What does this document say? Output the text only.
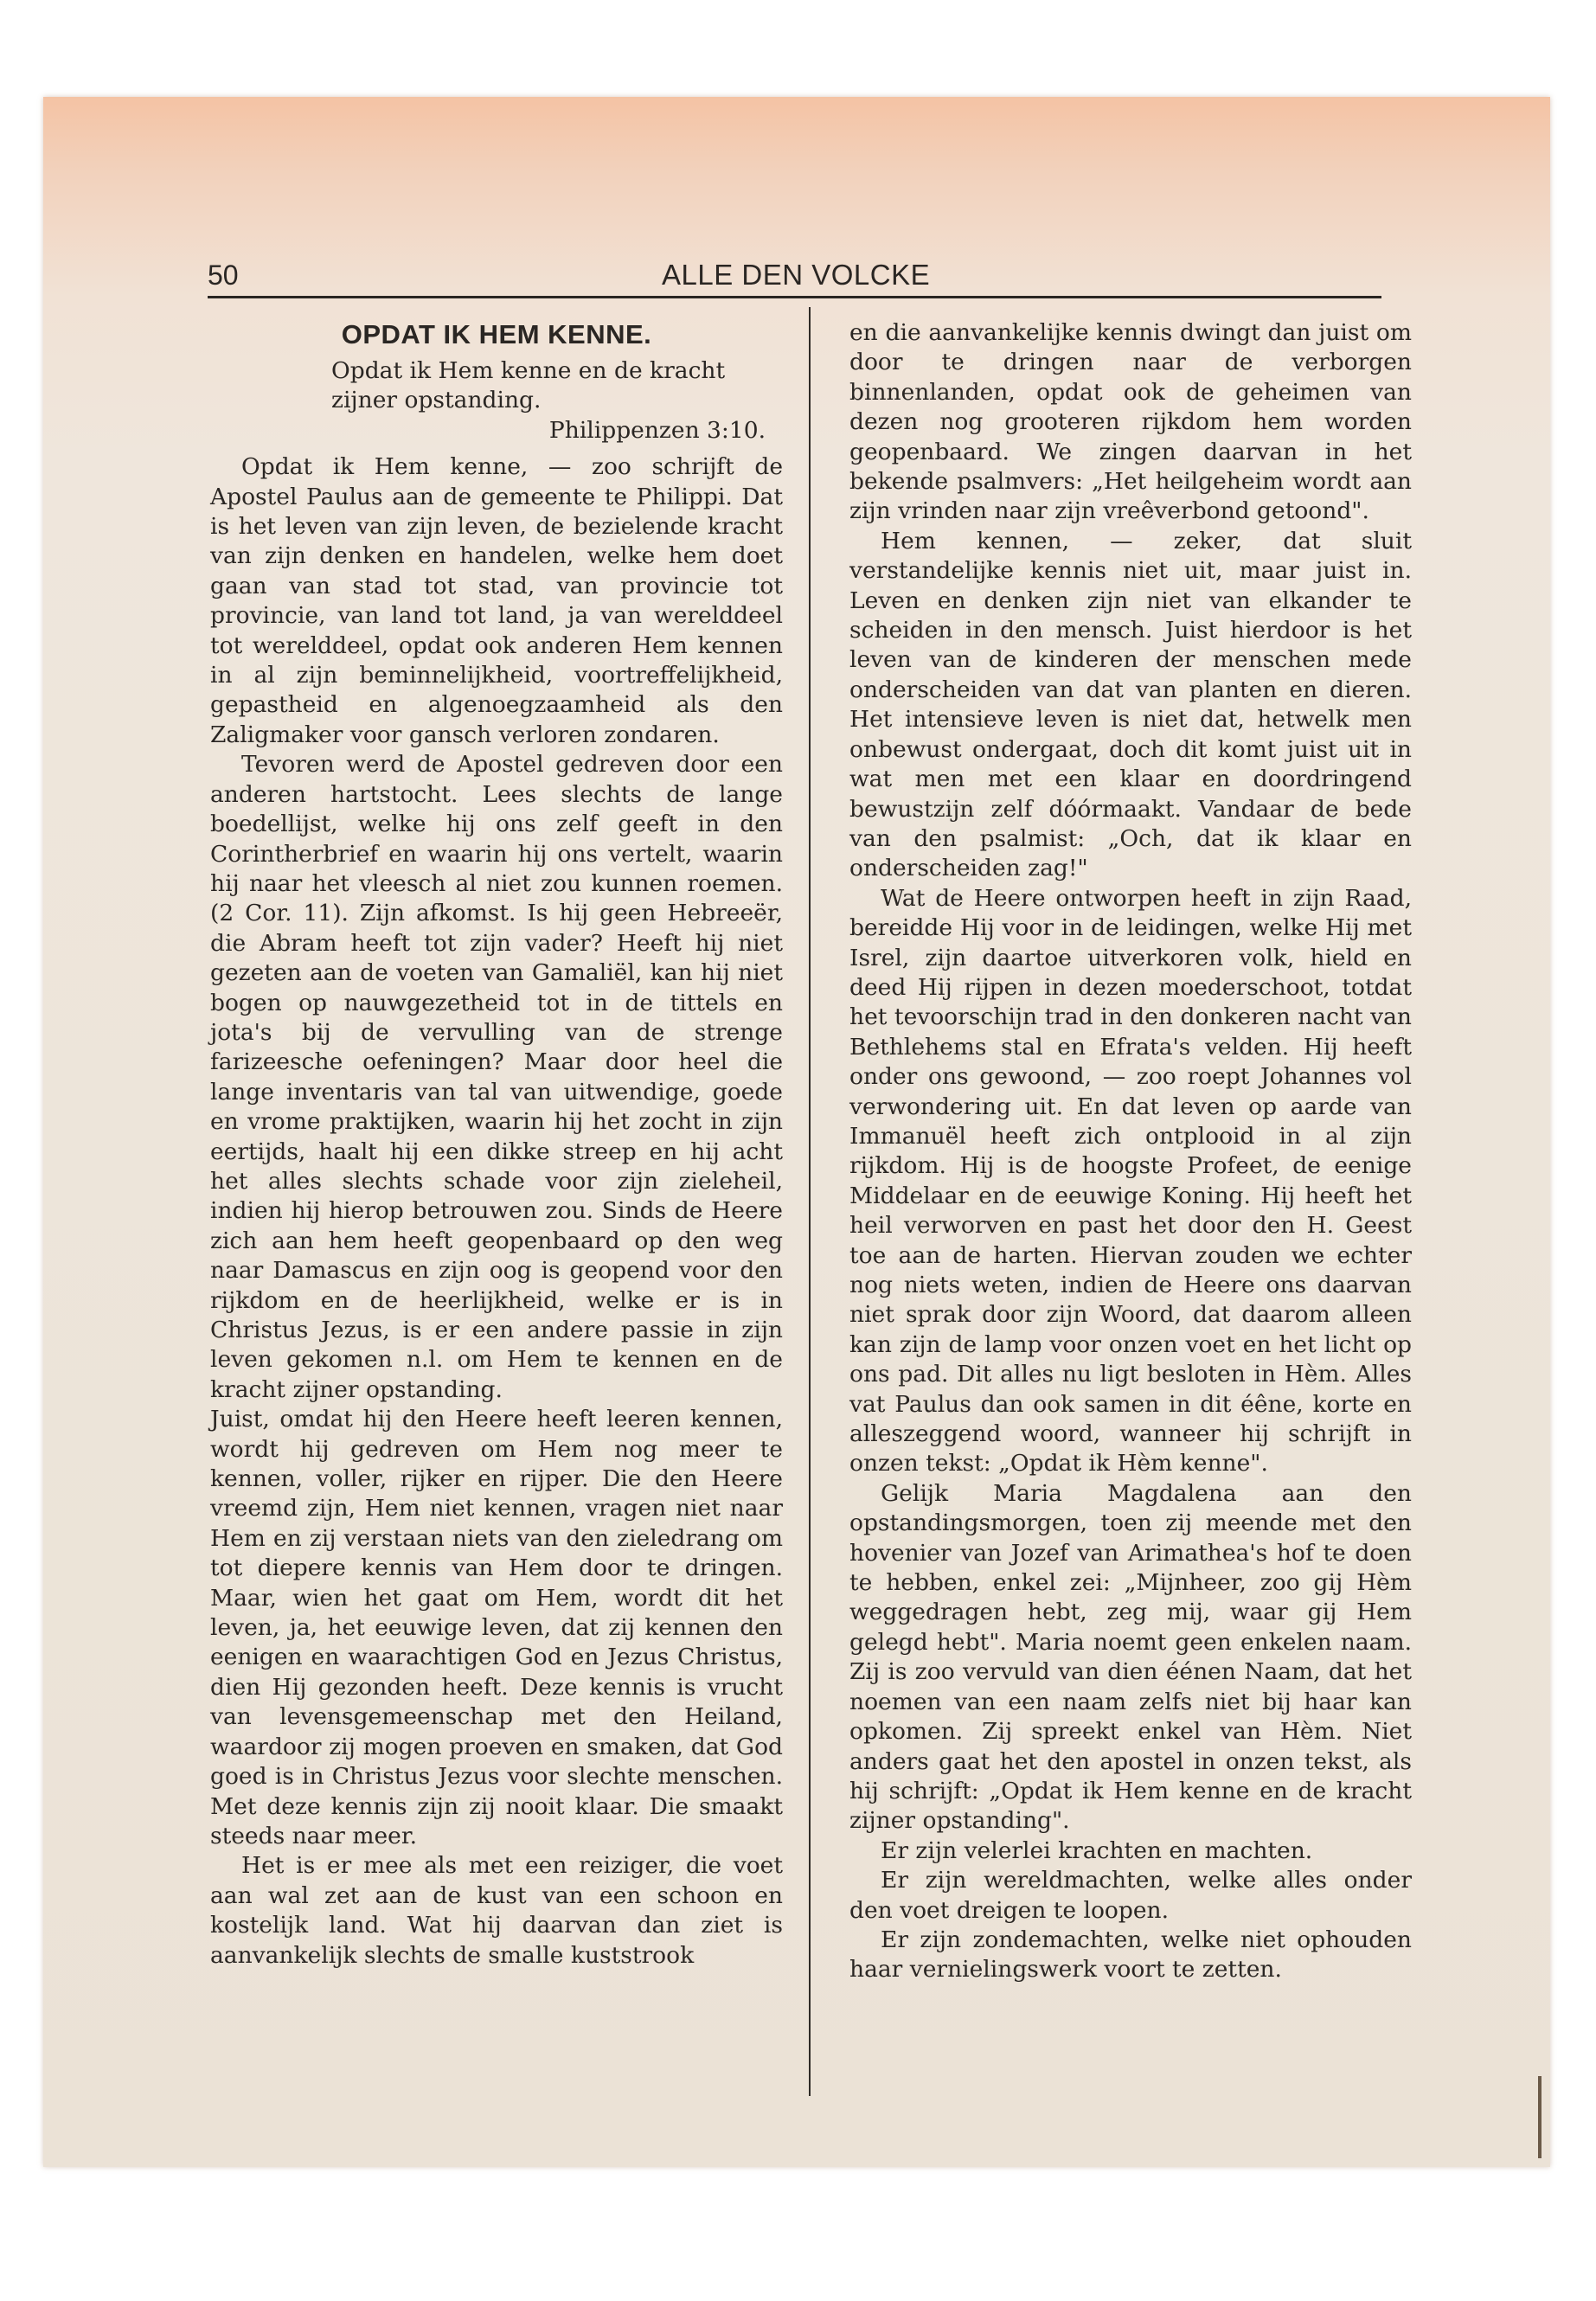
50	ALLE DEN VOLCKE
OPDAT IK HEM KENNE.
Opdat ik Hem kenne en de kracht zijner opstanding.
Philippenzen 3:10.

Opdat ik Hem kenne, — zoo schrijft de Apostel Paulus aan de gemeente te Philippi. Dat is het leven van zijn leven, de bezielende kracht van zijn denken en handelen, welke hem doet gaan van stad tot stad, van provincie tot provincie, van land tot land, ja van werelddeel tot werelddeel, opdat ook anderen Hem kennen in al zijn beminnelijkheid, voortreffelijkheid, gepastheid en algenoegzaamheid als den Zaligmaker voor gansch verloren zondaren.

Tevoren werd de Apostel gedreven door een anderen hartstocht. Lees slechts de lange boedellijst, welke hij ons zelf geeft in den Corintherbrief en waarin hij ons vertelt, waarin hij naar het vleesch al niet zou kunnen roemen. (2 Cor. 11). Zijn afkomst. Is hij geen Hebreeër, die Abram heeft tot zijn vader? Heeft hij niet gezeten aan de voeten van Gamaliël, kan hij niet bogen op nauwgezetheid tot in de tittels en jota's bij de vervulling van de strenge farizeesche oefeningen? Maar door heel die lange inventaris van tal van uitwendige, goede en vrome praktijken, waarin hij het zocht in zijn eertijds, haalt hij een dikke streep en hij acht het alles slechts schade voor zijn zieleheil, indien hij hierop betrouwen zou. Sinds de Heere zich aan hem heeft geopenbaard op den weg naar Damascus en zijn oog is geopend voor den rijkdom en de heerlijkheid, welke er is in Christus Jezus, is er een andere passie in zijn leven gekomen n.l. om Hem te kennen en de kracht zijner opstanding.

Juist, omdat hij den Heere heeft leeren kennen, wordt hij gedreven om Hem nog meer te kennen, voller, rijker en rijper. Die den Heere vreemd zijn, Hem niet kennen, vragen niet naar Hem en zij verstaan niets van den zieledrang om tot diepere kennis van Hem door te dringen. Maar, wien het gaat om Hem, wordt dit het leven, ja, het eeuwige leven, dat zij kennen den eenigen en waarachtigen God en Jezus Christus, dien Hij gezonden heeft. Deze kennis is vrucht van levensgemeenschap met den Heiland, waardoor zij mogen proeven en smaken, dat God goed is in Christus Jezus voor slechte menschen. Met deze kennis zijn zij nooit klaar. Die smaakt steeds naar meer.

Het is er mee als met een reiziger, die voet aan wal zet aan de kust van een schoon en kostelijk land. Wat hij daarvan dan ziet is aanvankelijk slechts de smalle kuststrook

en die aanvankelijke kennis dwingt dan juist om door te dringen naar de verborgen binnenlanden, opdat ook de geheimen van dezen nog grooteren rijkdom hem worden geopenbaard. We zingen daarvan in het bekende psalmvers: „Het heilgeheim wordt aan zijn vrinden naar zijn vreêverbond getoond".

Hem kennen, — zeker, dat sluit verstandelijke kennis niet uit, maar juist in. Leven en denken zijn niet van elkander te scheiden in den mensch. Juist hierdoor is het leven van de kinderen der menschen mede onderscheiden van dat van planten en dieren. Het intensieve leven is niet dat, hetwelk men onbewust ondergaat, doch dit komt juist uit in wat men met een klaar en doordringend bewustzijn zelf dóórmaakt. Vandaar de bede van den psalmist: „Och, dat ik klaar en onderscheiden zag!"

Wat de Heere ontworpen heeft in zijn Raad, bereidde Hij voor in de leidingen, welke Hij met Isrel, zijn daartoe uitverkoren volk, hield en deed Hij rijpen in dezen moederschoot, totdat het tevoorschijn trad in den donkeren nacht van Bethlehems stal en Efrata's velden. Hij heeft onder ons gewoond, — zoo roept Johannes vol verwondering uit. En dat leven op aarde van Immanuël heeft zich ontplooid in al zijn rijkdom. Hij is de hoogste Profeet, de eenige Middelaar en de eeuwige Koning. Hij heeft het heil verworven en past het door den H. Geest toe aan de harten. Hiervan zouden we echter nog niets weten, indien de Heere ons daarvan niet sprak door zijn Woord, dat daarom alleen kan zijn de lamp voor onzen voet en het licht op ons pad. Dit alles nu ligt besloten in Hèm. Alles vat Paulus dan ook samen in dit éêne, korte en alleszeggend woord, wanneer hij schrijft in onzen tekst: „Opdat ik Hèm kenne".

Gelijk Maria Magdalena aan den opstandingsmorgen, toen zij meende met den hovenier van Jozef van Arimathea's hof te doen te hebben, enkel zei: „Mijnheer, zoo gij Hèm weggedragen hebt, zeg mij, waar gij Hem gelegd hebt". Maria noemt geen enkelen naam. Zij is zoo vervuld van dien éénen Naam, dat het noemen van een naam zelfs niet bij haar kan opkomen. Zij spreekt enkel van Hèm. Niet anders gaat het den apostel in onzen tekst, als hij schrijft: „Opdat ik Hem kenne en de kracht zijner opstanding".

Er zijn velerlei krachten en machten.

Er zijn wereldmachten, welke alles onder den voet dreigen te loopen.

Er zijn zondemachten, welke niet ophouden haar vernielingswerk voort te zetten.
